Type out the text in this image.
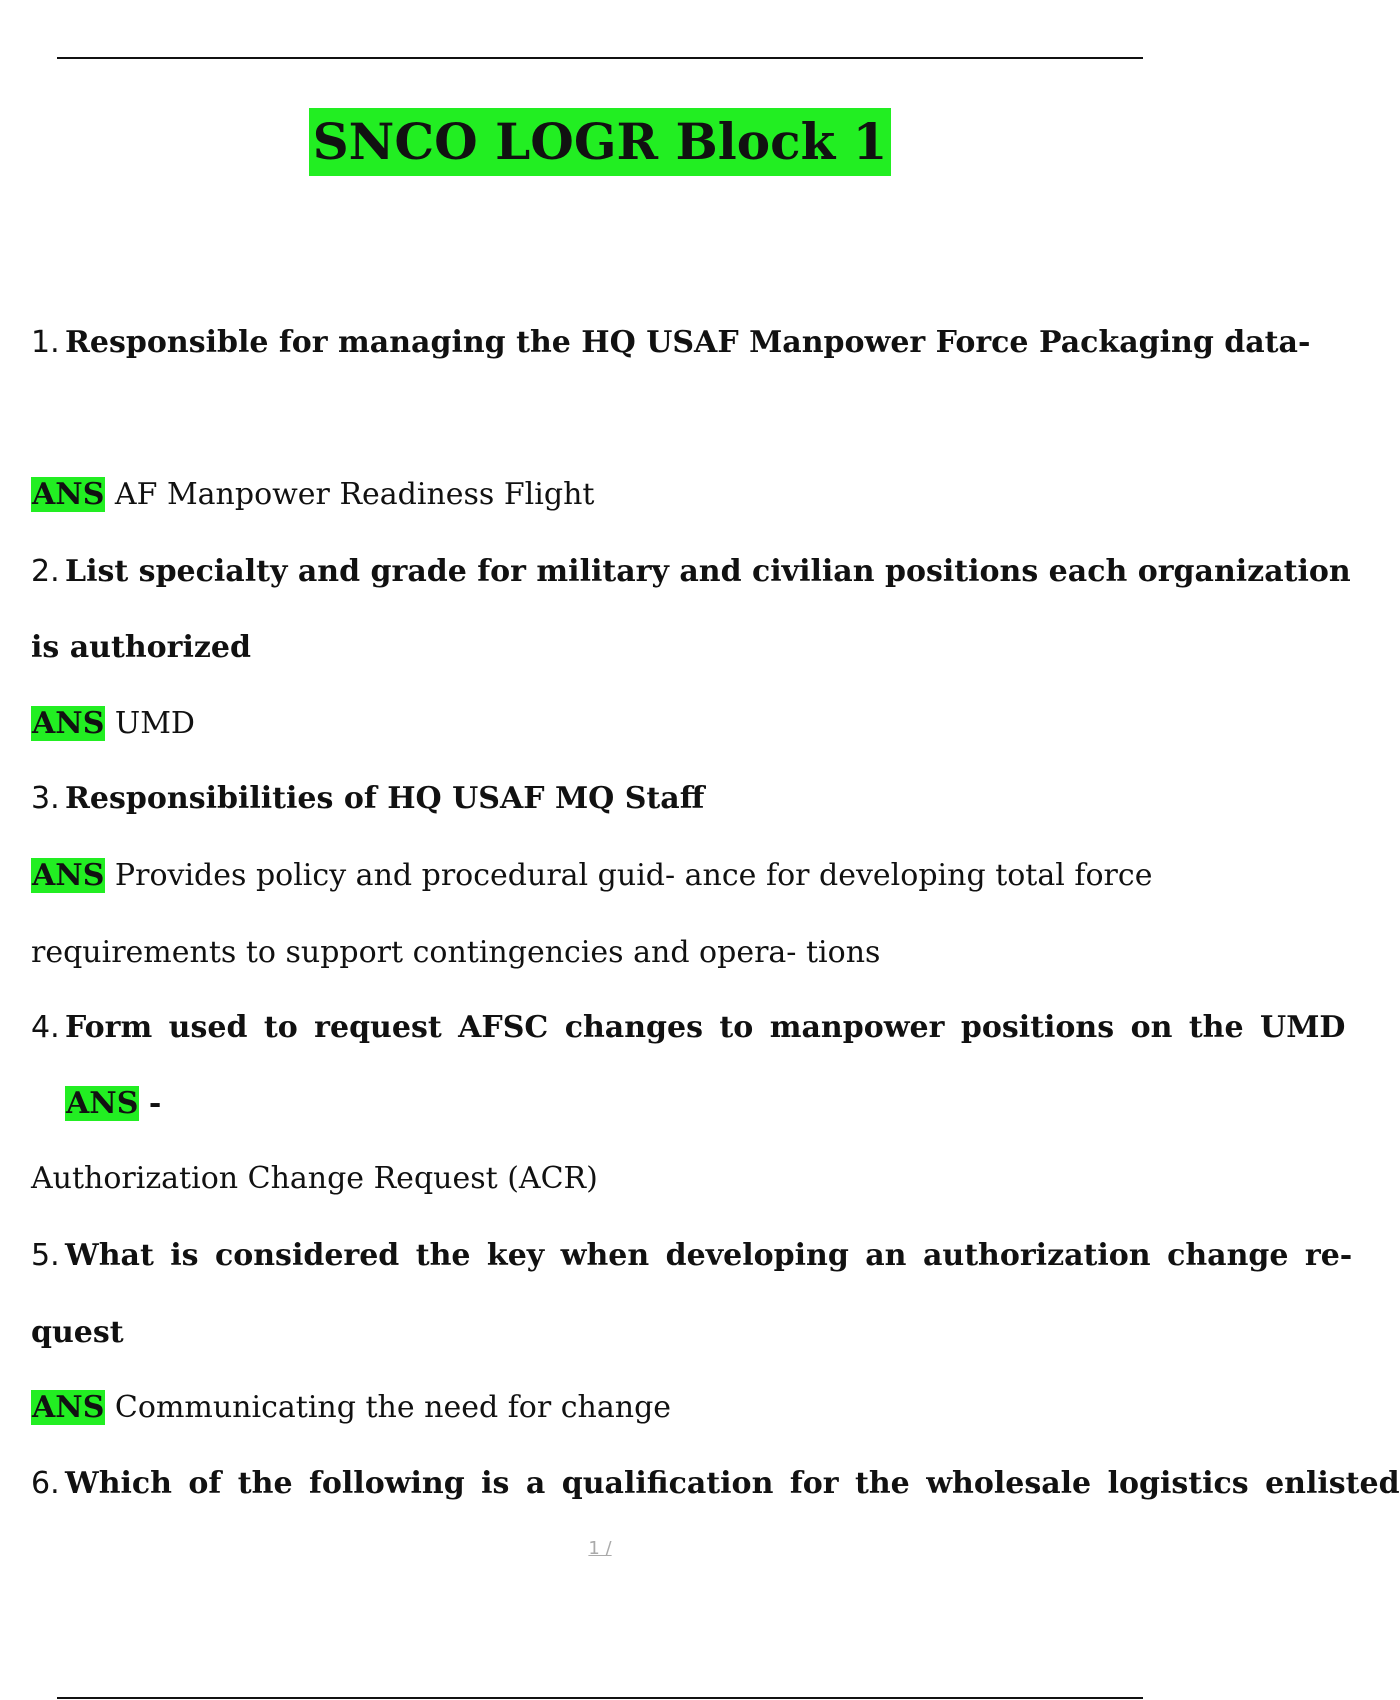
SNCO LOGR Block 1
1. Responsible for managing the HQ USAF Manpower Force Packaging data-
ANS AF Manpower Readiness Flight
2. List specialty and grade for military and civilian positions each organization
is authorized
ANS UMD
3. Responsibilities of HQ USAF MQ Staff
ANS Provides policy and procedural guid- ance for developing total force
requirements to support contingencies and opera- tions
4. Form used to request AFSC changes to manpower positions on the UMD
ANS -
Authorization Change Request (ACR)
5. What is considered the key when developing an authorization change re-
quest
ANS Communicating the need for change
6. Which of the following is a qualification for the wholesale logistics enlisted
1 /
